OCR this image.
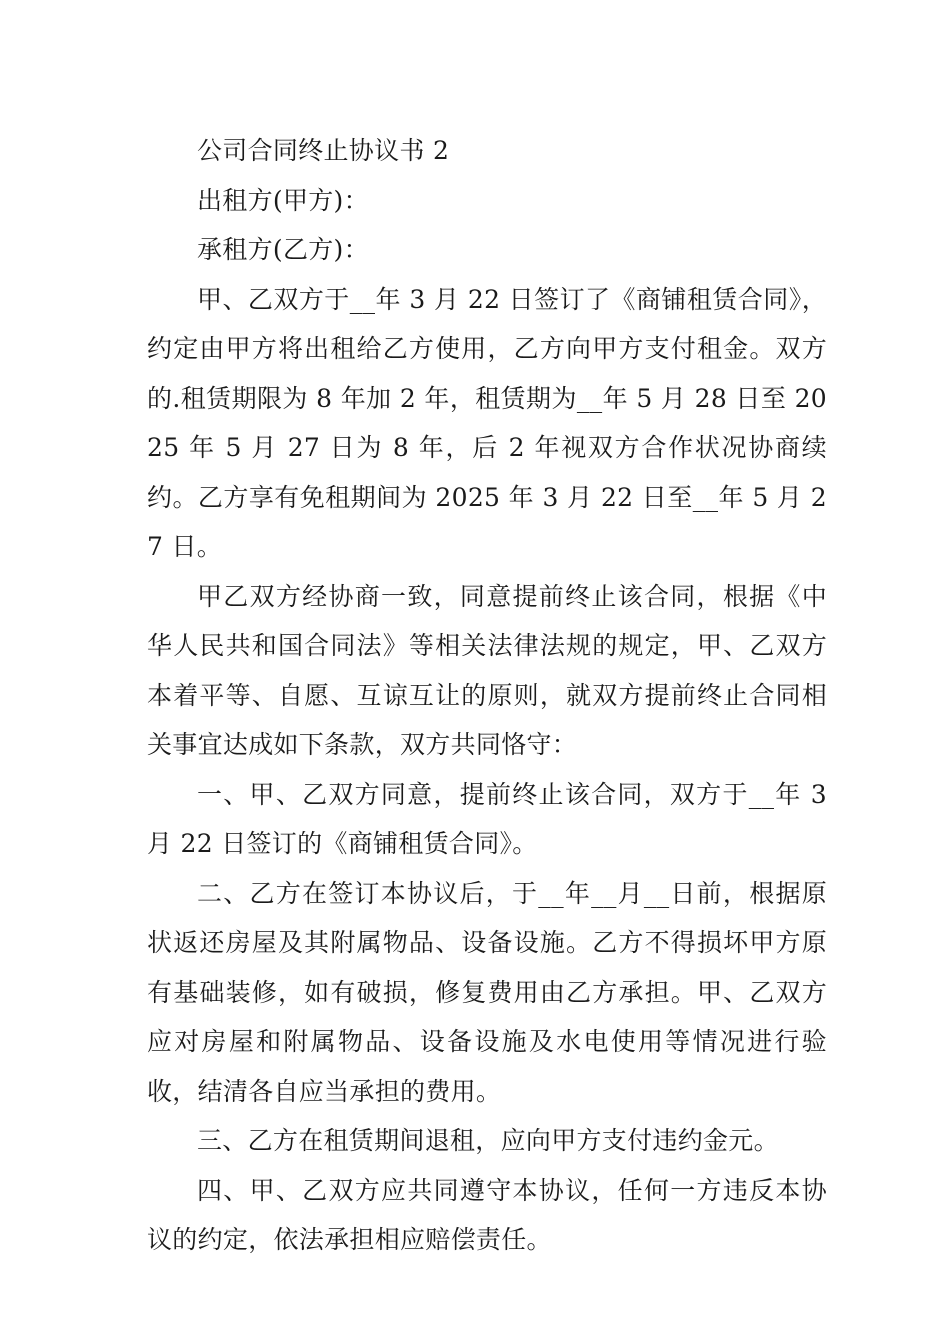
公司合同终止协议书 2

出租方(甲方)：

承租方(乙方)：

甲、乙双方于__年 3 月 22 日签订了《商铺租赁合同》，约定由甲方将出租给乙方使用，乙方向甲方支付租金。双方的.租赁期限为 8 年加 2 年，租赁期为__年 5 月 28 日至 2025 年 5 月 27 日为 8 年，后 2 年视双方合作状况协商续约。乙方享有免租期间为 2025 年 3 月 22 日至__年 5 月 27 日。

甲乙双方经协商一致，同意提前终止该合同，根据《中华人民共和国合同法》等相关法律法规的规定，甲、乙双方本着平等、自愿、互谅互让的原则，就双方提前终止合同相关事宜达成如下条款，双方共同恪守：

一、甲、乙双方同意，提前终止该合同，双方于__年 3 月 22 日签订的《商铺租赁合同》。

二、乙方在签订本协议后，于__年__月__日前，根据原状返还房屋及其附属物品、设备设施。乙方不得损坏甲方原有基础装修，如有破损，修复费用由乙方承担。甲、乙双方应对房屋和附属物品、设备设施及水电使用等情况进行验收，结清各自应当承担的费用。

三、乙方在租赁期间退租，应向甲方支付违约金元。

四、甲、乙双方应共同遵守本协议，任何一方违反本协议的约定，依法承担相应赔偿责任。
